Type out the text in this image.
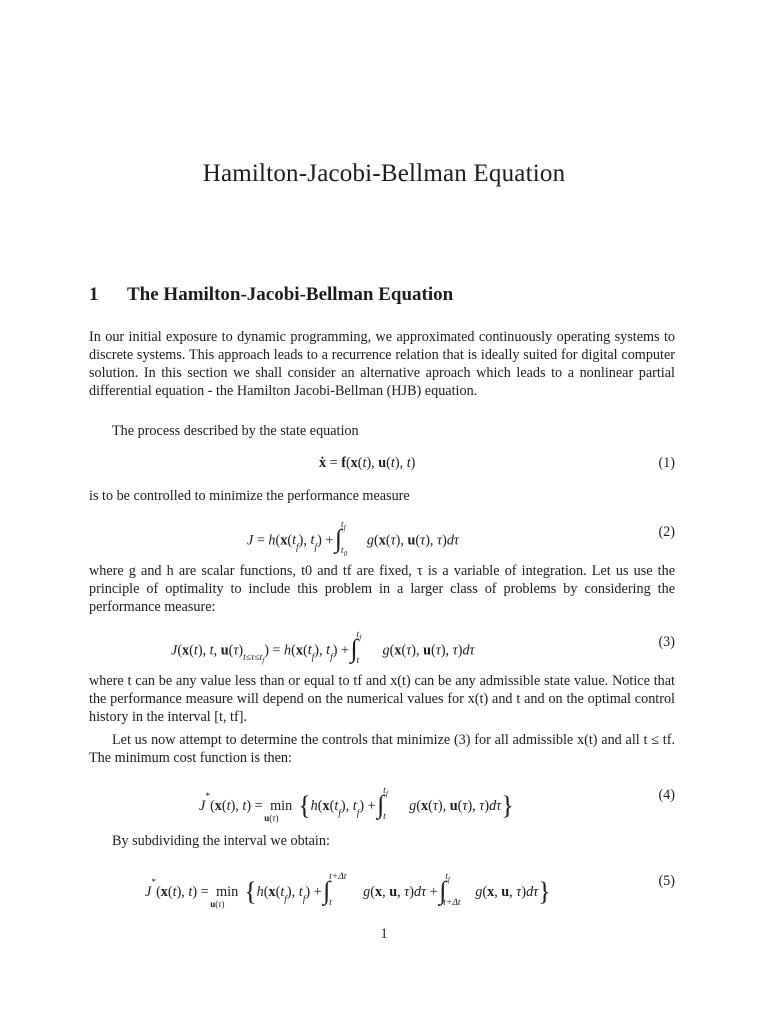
Hamilton-Jacobi-Bellman Equation
1 The Hamilton-Jacobi-Bellman Equation
In our initial exposure to dynamic programming, we approximated continuously operating systems to discrete systems. This approach leads to a recurrence relation that is ideally suited for digital computer solution. In this section we shall consider an alternative aproach which leads to a nonlinear partial differential equation - the Hamilton Jacobi-Bellman (HJB) equation.
The process described by the state equation
ẋ = f(x(t), u(t), t)	(1)
is to be controlled to minimize the performance measure
$J = h(x(t_f)$, $t_f$) +
∫
$t_f$
$t_0$
g(x(τ), u(τ), τ)dτ
(2)
where g and h are scalar functions, t0 and tf are fixed, τ is a variable of integration. Let us use the principle of optimality to include this problem in a larger class of problems by considering the performance measure:
J(x(t), t, $u(\tau)_{t\le\tau\le t_f}) = h(x(t_f)$, $t_f$) +
∫
$t_f$
t
g(x(τ), u(τ), τ)dτ
(3)
where t can be any value less than or equal to tf and x(t) can be any admissible state value. Notice that the performance measure will depend on the numerical values for x(t) and t and on the optimal control history in the interval [t, tf].
Let us now attempt to determine the controls that minimize (3) for all admissible x(t) and all t ≤ tf. The minimum cost function is then:
J*(x(t), t) = min
u(τ) {$h(x(t_f)$, $t_f$) +
∫
$t_f$
t
g(x(τ), u(τ), τ)dτ}	(4)
By subdividing the interval we obtain:
J*(x(t), t) = min
u(τ) {$h(x(t_f)$, $t_f$) +
∫
t+Δt
t
g(x, u, τ)dτ +
∫
$t_f$
t+Δt
g(x, u, τ)dτ}	(5)
1
